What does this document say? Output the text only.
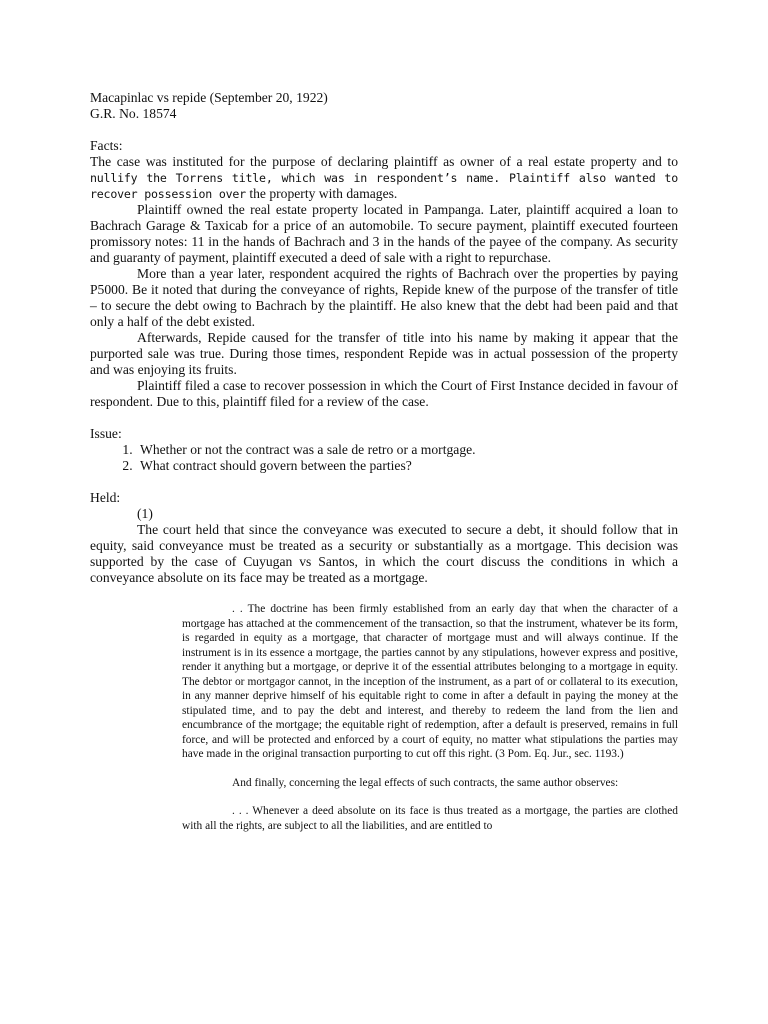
Macapinlac vs repide (September 20, 1922)

G.R. No. 18574

Facts:

The case was instituted for the purpose of declaring plaintiff as owner of a real estate property and to nullify the Torrens title, which was in respondent’s name. Plaintiff also wanted to recover possession over the property with damages.

Plaintiff owned the real estate property located in Pampanga. Later, plaintiff acquired a loan to Bachrach Garage & Taxicab for a price of an automobile. To secure payment, plaintiff executed fourteen promissory notes: 11 in the hands of Bachrach and 3 in the hands of the payee of the company. As security and guaranty of payment, plaintiff executed a deed of sale with a right to repurchase.

More than a year later, respondent acquired the rights of Bachrach over the properties by paying P5000. Be it noted that during the conveyance of rights, Repide knew of the purpose of the transfer of title – to secure the debt owing to Bachrach by the plaintiff. He also knew that the debt had been paid and that only a half of the debt existed.

Afterwards, Repide caused for the transfer of title into his name by making it appear that the purported sale was true. During those times, respondent Repide was in actual possession of the property and was enjoying its fruits.

Plaintiff filed a case to recover possession in which the Court of First Instance decided in favour of respondent. Due to this, plaintiff filed for a review of the case.

Issue:

1. Whether or not the contract was a sale de retro or a mortgage.
2. What contract should govern between the parties?

Held:

(1)

The court held that since the conveyance was executed to secure a debt, it should follow that in equity, said conveyance must be treated as a security or substantially as a mortgage. This decision was supported by the case of Cuyugan vs Santos, in which the court discuss the conditions in which a conveyance absolute on its face may be treated as a mortgage.

. . The doctrine has been firmly established from an early day that when the character of a mortgage has attached at the commencement of the transaction, so that the instrument, whatever be its form, is regarded in equity as a mortgage, that character of mortgage must and will always continue. If the instrument is in its essence a mortgage, the parties cannot by any stipulations, however express and positive, render it anything but a mortgage, or deprive it of the essential attributes belonging to a mortgage in equity. The debtor or mortgagor cannot, in the inception of the instrument, as a part of or collateral to its execution, in any manner deprive himself of his equitable right to come in after a default in paying the money at the stipulated time, and to pay the debt and interest, and thereby to redeem the land from the lien and encumbrance of the mortgage; the equitable right of redemption, after a default is preserved, remains in full force, and will be protected and enforced by a court of equity, no matter what stipulations the parties may have made in the original transaction purporting to cut off this right. (3 Pom. Eq. Jur., sec. 1193.)

And finally, concerning the legal effects of such contracts, the same author observes:

. . . Whenever a deed absolute on its face is thus treated as a mortgage, the parties are clothed with all the rights, are subject to all the liabilities, and are entitled to
